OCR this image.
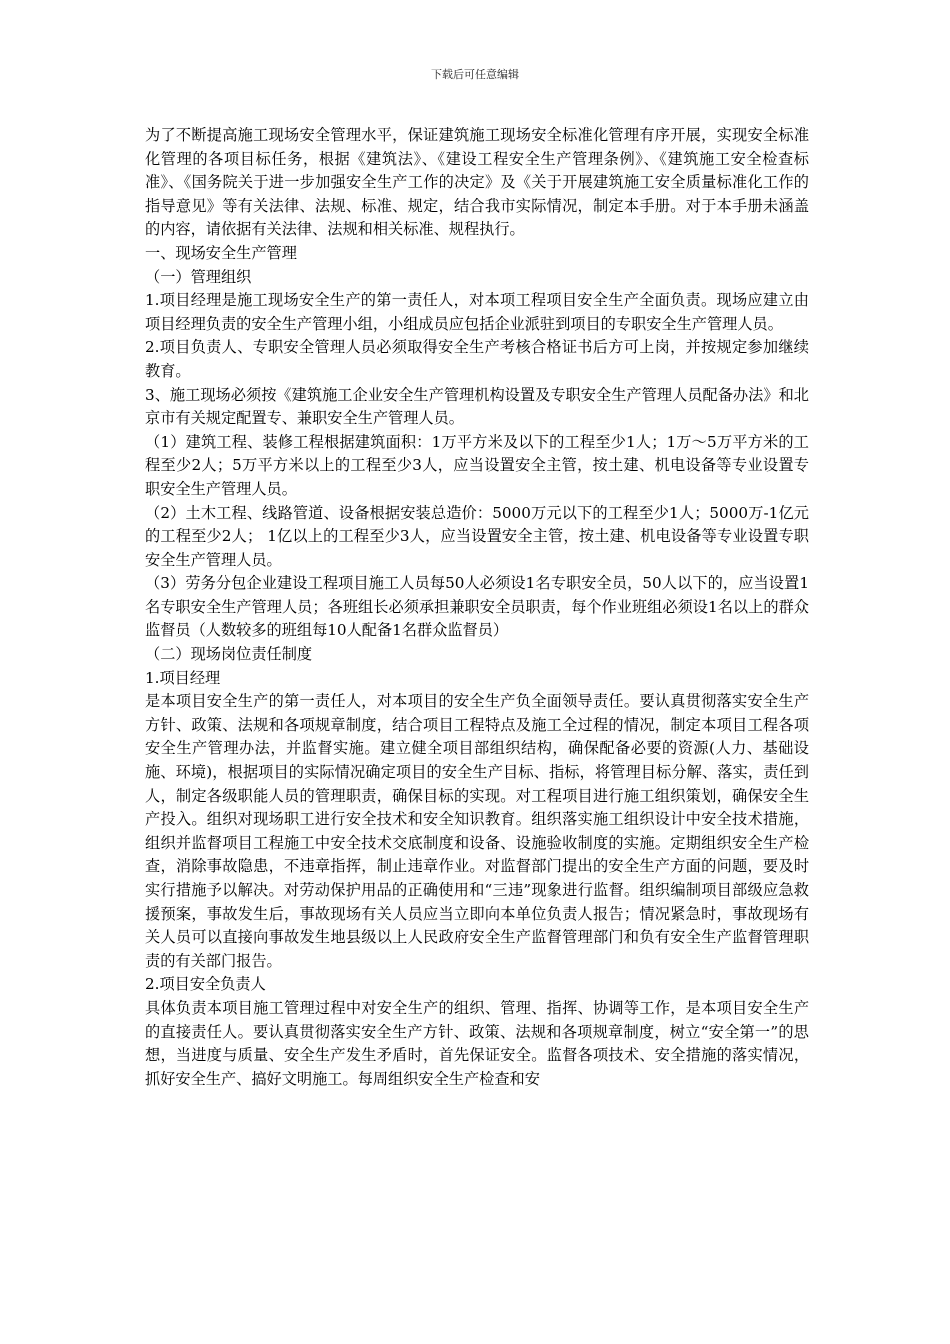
下载后可任意编辑

为了不断提高施工现场安全管理水平，保证建筑施工现场安全标准化管理有序开展，实现安全标准化管理的各项目标任务，根据《建筑法》、《建设工程安全生产管理条例》、《建筑施工安全检查标准》、《国务院关于进一步加强安全生产工作的决定》及《关于开展建筑施工安全质量标准化工作的指导意见》等有关法律、法规、标准、规定，结合我市实际情况，制定本手册。对于本手册未涵盖的内容，请依据有关法律、法规和相关标准、规程执行。

一、现场安全生产管理

（一）管理组织

1.项目经理是施工现场安全生产的第一责任人，对本项工程项目安全生产全面负责。现场应建立由项目经理负责的安全生产管理小组，小组成员应包括企业派驻到项目的专职安全生产管理人员。

2.项目负责人、专职安全管理人员必须取得安全生产考核合格证书后方可上岗，并按规定参加继续教育。

3、施工现场必须按《建筑施工企业安全生产管理机构设置及专职安全生产管理人员配备办法》和北京市有关规定配置专、兼职安全生产管理人员。

（1）建筑工程、装修工程根据建筑面积：1万平方米及以下的工程至少1人；1万～5万平方米的工程至少2人；5万平方米以上的工程至少3人，应当设置安全主管，按土建、机电设备等专业设置专职安全生产管理人员。

（2）土木工程、线路管道、设备根据安装总造价：5000万元以下的工程至少1人；5000万-1亿元的工程至少2人； 1亿以上的工程至少3人，应当设置安全主管，按土建、机电设备等专业设置专职安全生产管理人员。

（3）劳务分包企业建设工程项目施工人员每50人必须设1名专职安全员，50人以下的，应当设置1名专职安全生产管理人员；各班组长必须承担兼职安全员职责，每个作业班组必须设1名以上的群众监督员（人数较多的班组每10人配备1名群众监督员）

（二）现场岗位责任制度

1.项目经理

是本项目安全生产的第一责任人，对本项目的安全生产负全面领导责任。要认真贯彻落实安全生产方针、政策、法规和各项规章制度，结合项目工程特点及施工全过程的情况，制定本项目工程各项安全生产管理办法，并监督实施。建立健全项目部组织结构，确保配备必要的资源(人力、基础设施、环境)，根据项目的实际情况确定项目的安全生产目标、指标，将管理目标分解、落实，责任到人，制定各级职能人员的管理职责，确保目标的实现。对工程项目进行施工组织策划，确保安全生产投入。组织对现场职工进行安全技术和安全知识教育。组织落实施工组织设计中安全技术措施，组织并监督项目工程施工中安全技术交底制度和设备、设施验收制度的实施。定期组织安全生产检查，消除事故隐患，不违章指挥，制止违章作业。对监督部门提出的安全生产方面的问题，要及时实行措施予以解决。对劳动保护用品的正确使用和“三违”现象进行监督。组织编制项目部级应急救援预案，事故发生后，事故现场有关人员应当立即向本单位负责人报告；情况紧急时，事故现场有关人员可以直接向事故发生地县级以上人民政府安全生产监督管理部门和负有安全生产监督管理职责的有关部门报告。

2.项目安全负责人

具体负责本项目施工管理过程中对安全生产的组织、管理、指挥、协调等工作，是本项目安全生产的直接责任人。要认真贯彻落实安全生产方针、政策、法规和各项规章制度，树立“安全第一”的思想，当进度与质量、安全生产发生矛盾时，首先保证安全。监督各项技术、安全措施的落实情况，抓好安全生产、搞好文明施工。每周组织安全生产检查和安
